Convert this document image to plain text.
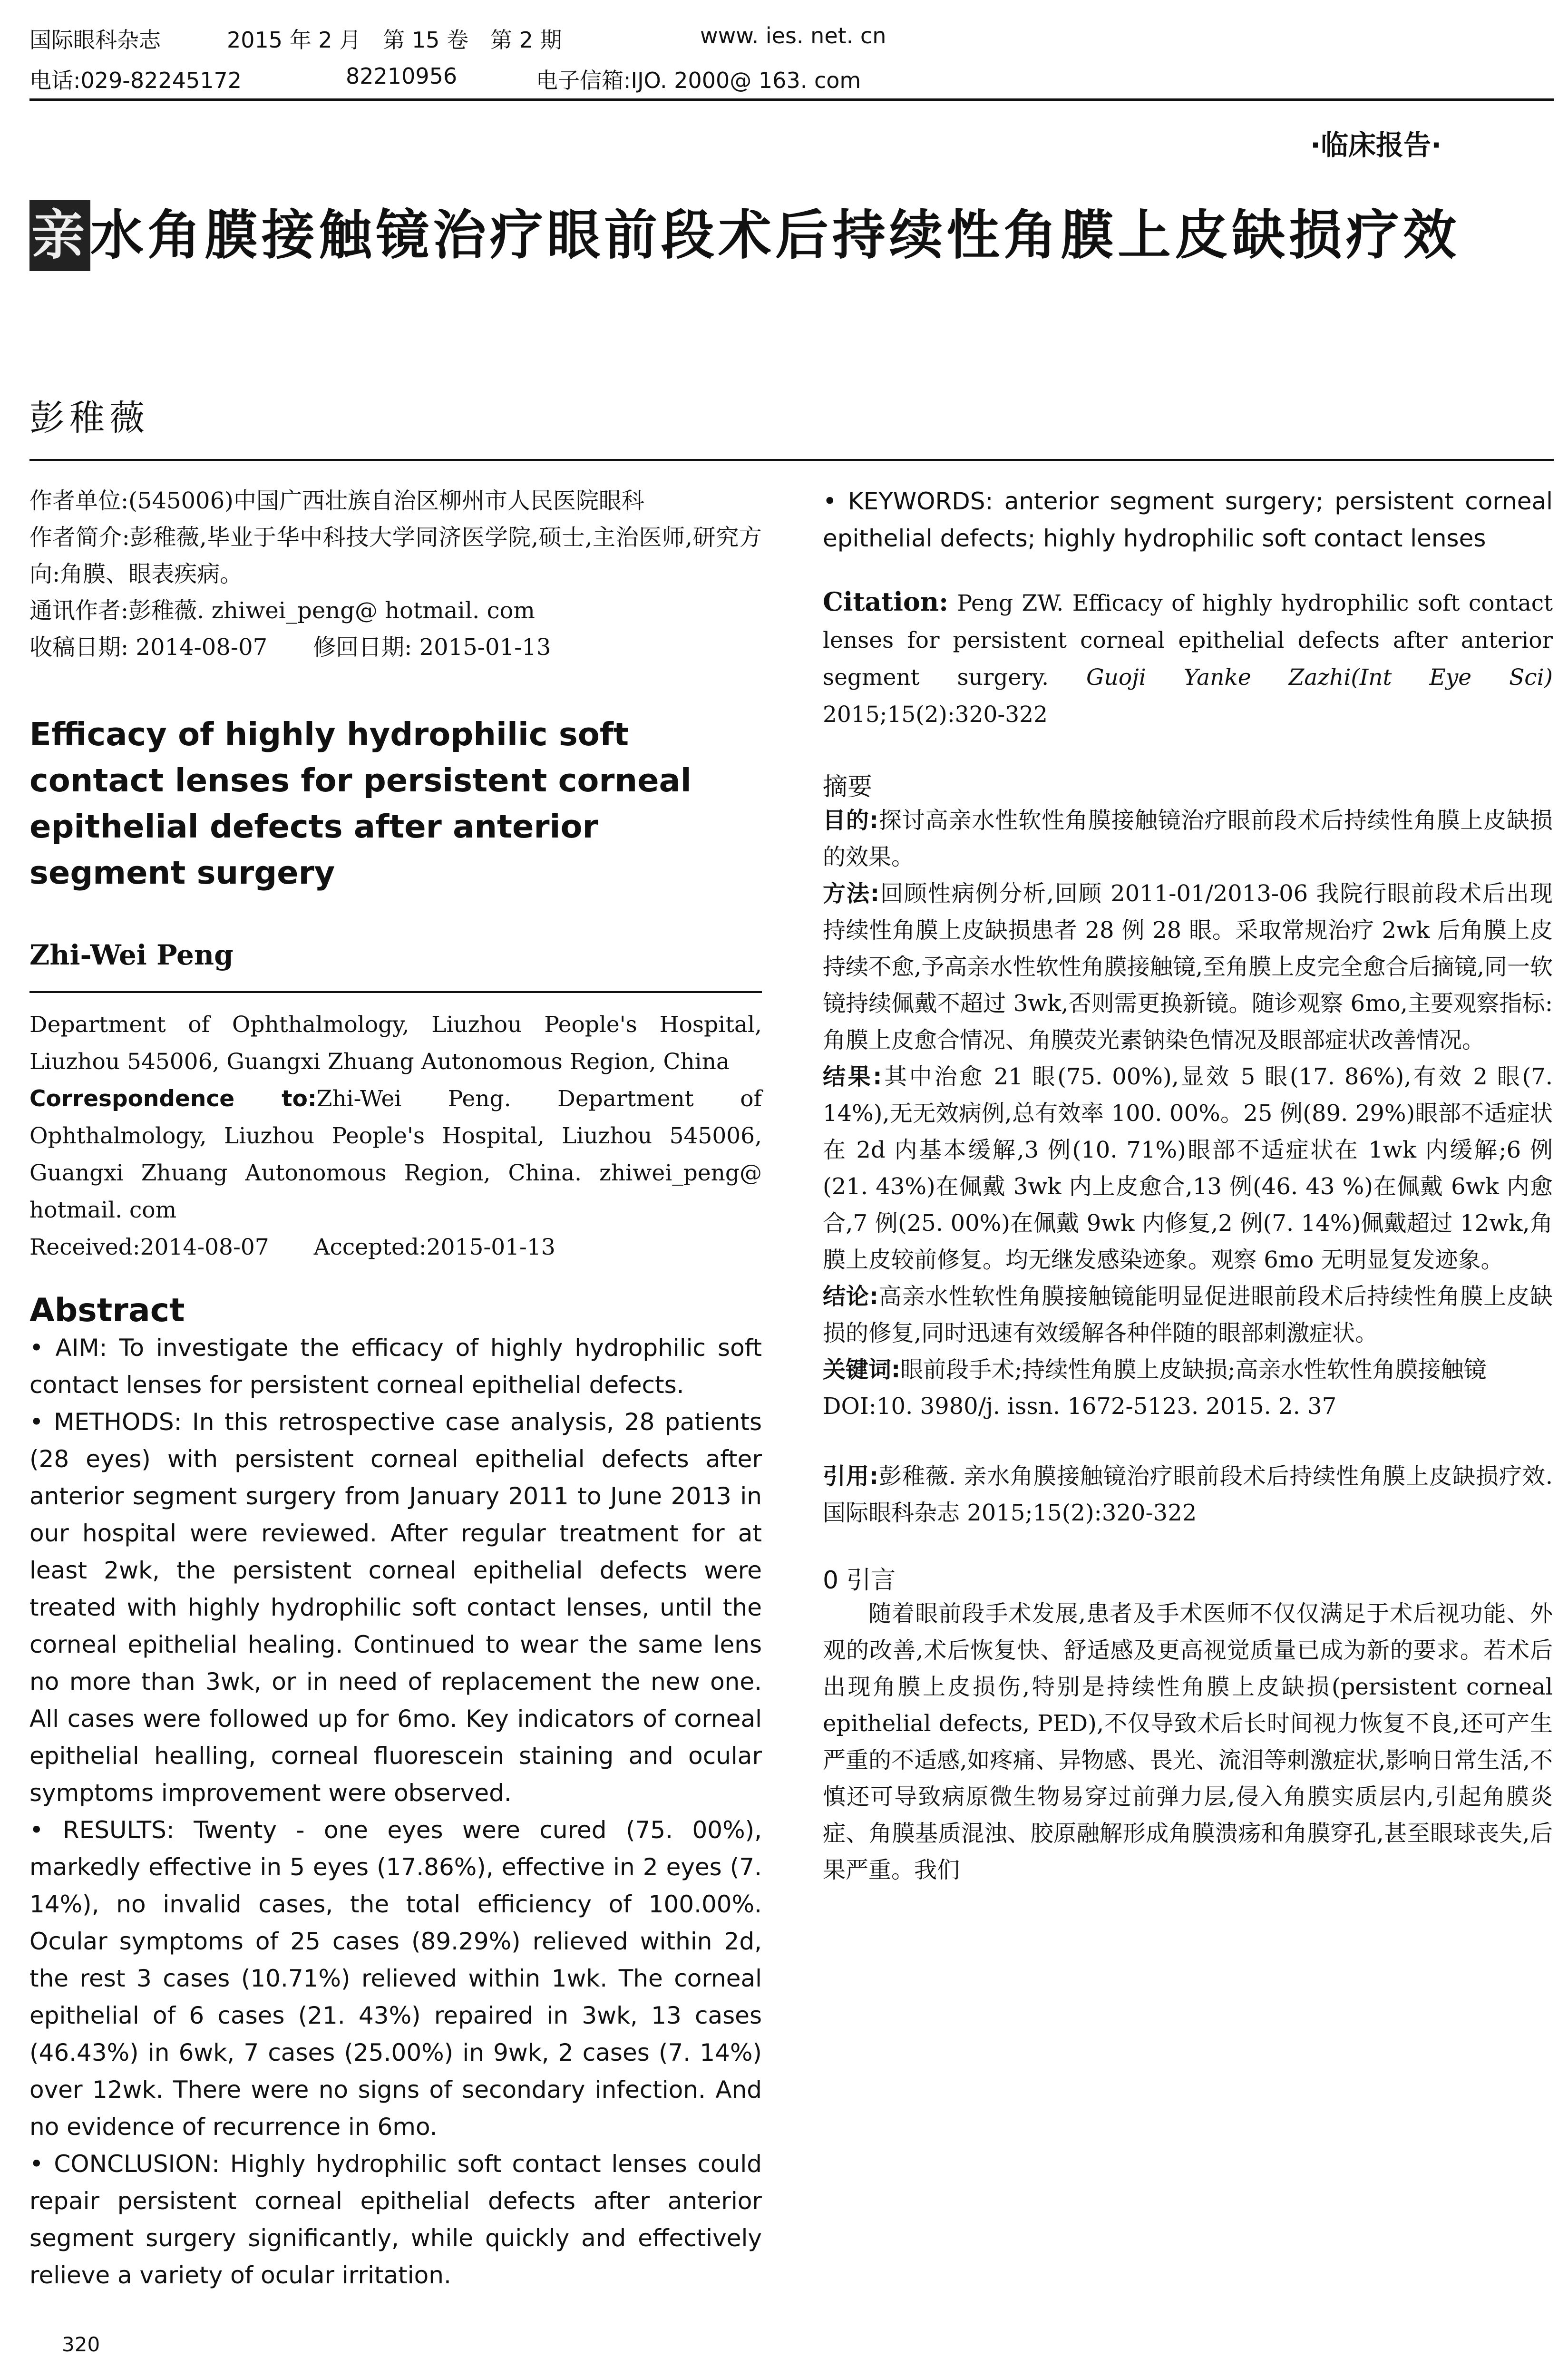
国际眼科杂志	2015 年 2 月　第 15 卷　第 2 期	www. ies. net. cn
电话:029-82245172	82210956	电子信箱:IJO. 2000@ 163. com
·临床报告·
亲水角膜接触镜治疗眼前段术后持续性角膜上皮缺损疗效
彭稚薇

作者单位:(545006)中国广西壮族自治区柳州市人民医院眼科

作者简介:彭稚薇,毕业于华中科技大学同济医学院,硕士,主治医师,研究方向:角膜、眼表疾病。

通讯作者:彭稚薇. zhiwei_peng@ hotmail. com

收稿日期: 2014-08-07　　修回日期: 2015-01-13

Efficacy of highly hydrophilic soft contact lenses for persistent corneal epithelial defects after anterior segment surgery

Zhi-Wei Peng

Department of Ophthalmology, Liuzhou People's Hospital, Liuzhou 545006, Guangxi Zhuang Autonomous Region, China

Correspondence to:Zhi-Wei Peng. Department of Ophthalmology, Liuzhou People's Hospital, Liuzhou 545006, Guangxi Zhuang Autonomous Region, China. zhiwei_peng@ hotmail. com

Received:2014-08-07　　Accepted:2015-01-13

Abstract

• AIM: To investigate the efficacy of highly hydrophilic soft contact lenses for persistent corneal epithelial defects.

• METHODS: In this retrospective case analysis, 28 patients (28 eyes) with persistent corneal epithelial defects after anterior segment surgery from January 2011 to June 2013 in our hospital were reviewed. After regular treatment for at least 2wk, the persistent corneal epithelial defects were treated with highly hydrophilic soft contact lenses, until the corneal epithelial healing. Continued to wear the same lens no more than 3wk, or in need of replacement the new one. All cases were followed up for 6mo. Key indicators of corneal epithelial healling, corneal fluorescein staining and ocular symptoms improvement were observed.

• RESULTS: Twenty - one eyes were cured (75. 00%), markedly effective in 5 eyes (17.86%), effective in 2 eyes (7. 14%), no invalid cases, the total efficiency of 100.00%. Ocular symptoms of 25 cases (89.29%) relieved within 2d, the rest 3 cases (10.71%) relieved within 1wk. The corneal epithelial of 6 cases (21. 43%) repaired in 3wk, 13 cases (46.43%) in 6wk, 7 cases (25.00%) in 9wk, 2 cases (7. 14%) over 12wk. There were no signs of secondary infection. And no evidence of recurrence in 6mo.

• CONCLUSION: Highly hydrophilic soft contact lenses could repair persistent corneal epithelial defects after anterior segment surgery significantly, while quickly and effectively relieve a variety of ocular irritation.

• KEYWORDS: anterior segment surgery; persistent corneal epithelial defects; highly hydrophilic soft contact lenses

Citation: Peng ZW. Efficacy of highly hydrophilic soft contact lenses for persistent corneal epithelial defects after anterior segment surgery. Guoji Yanke Zazhi(Int Eye Sci) 2015;15(2):320-322

摘要

目的:探讨高亲水性软性角膜接触镜治疗眼前段术后持续性角膜上皮缺损的效果。

方法:回顾性病例分析,回顾 2011-01/2013-06 我院行眼前段术后出现持续性角膜上皮缺损患者 28 例 28 眼。采取常规治疗 2wk 后角膜上皮持续不愈,予高亲水性软性角膜接触镜,至角膜上皮完全愈合后摘镜,同一软镜持续佩戴不超过 3wk,否则需更换新镜。随诊观察 6mo,主要观察指标:角膜上皮愈合情况、角膜荧光素钠染色情况及眼部症状改善情况。

结果:其中治愈 21 眼(75. 00%),显效 5 眼(17. 86%),有效 2 眼(7. 14%),无无效病例,总有效率 100. 00%。25 例(89. 29%)眼部不适症状在 2d 内基本缓解,3 例(10. 71%)眼部不适症状在 1wk 内缓解;6 例(21. 43%)在佩戴 3wk 内上皮愈合,13 例(46. 43 %)在佩戴 6wk 内愈合,7 例(25. 00%)在佩戴 9wk 内修复,2 例(7. 14%)佩戴超过 12wk,角膜上皮较前修复。均无继发感染迹象。观察 6mo 无明显复发迹象。

结论:高亲水性软性角膜接触镜能明显促进眼前段术后持续性角膜上皮缺损的修复,同时迅速有效缓解各种伴随的眼部刺激症状。

关键词:眼前段手术;持续性角膜上皮缺损;高亲水性软性角膜接触镜

DOI:10. 3980/j. issn. 1672-5123. 2015. 2. 37

引用:彭稚薇. 亲水角膜接触镜治疗眼前段术后持续性角膜上皮缺损疗效. 国际眼科杂志 2015;15(2):320-322

0 引言

随着眼前段手术发展,患者及手术医师不仅仅满足于术后视功能、外观的改善,术后恢复快、舒适感及更高视觉质量已成为新的要求。若术后出现角膜上皮损伤,特别是持续性角膜上皮缺损(persistent corneal epithelial defects, PED),不仅导致术后长时间视力恢复不良,还可产生严重的不适感,如疼痛、异物感、畏光、流泪等刺激症状,影响日常生活,不慎还可导致病原微生物易穿过前弹力层,侵入角膜实质层内,引起角膜炎症、角膜基质混浊、胶原融解形成角膜溃疡和角膜穿孔,甚至眼球丧失,后果严重。我们

320
